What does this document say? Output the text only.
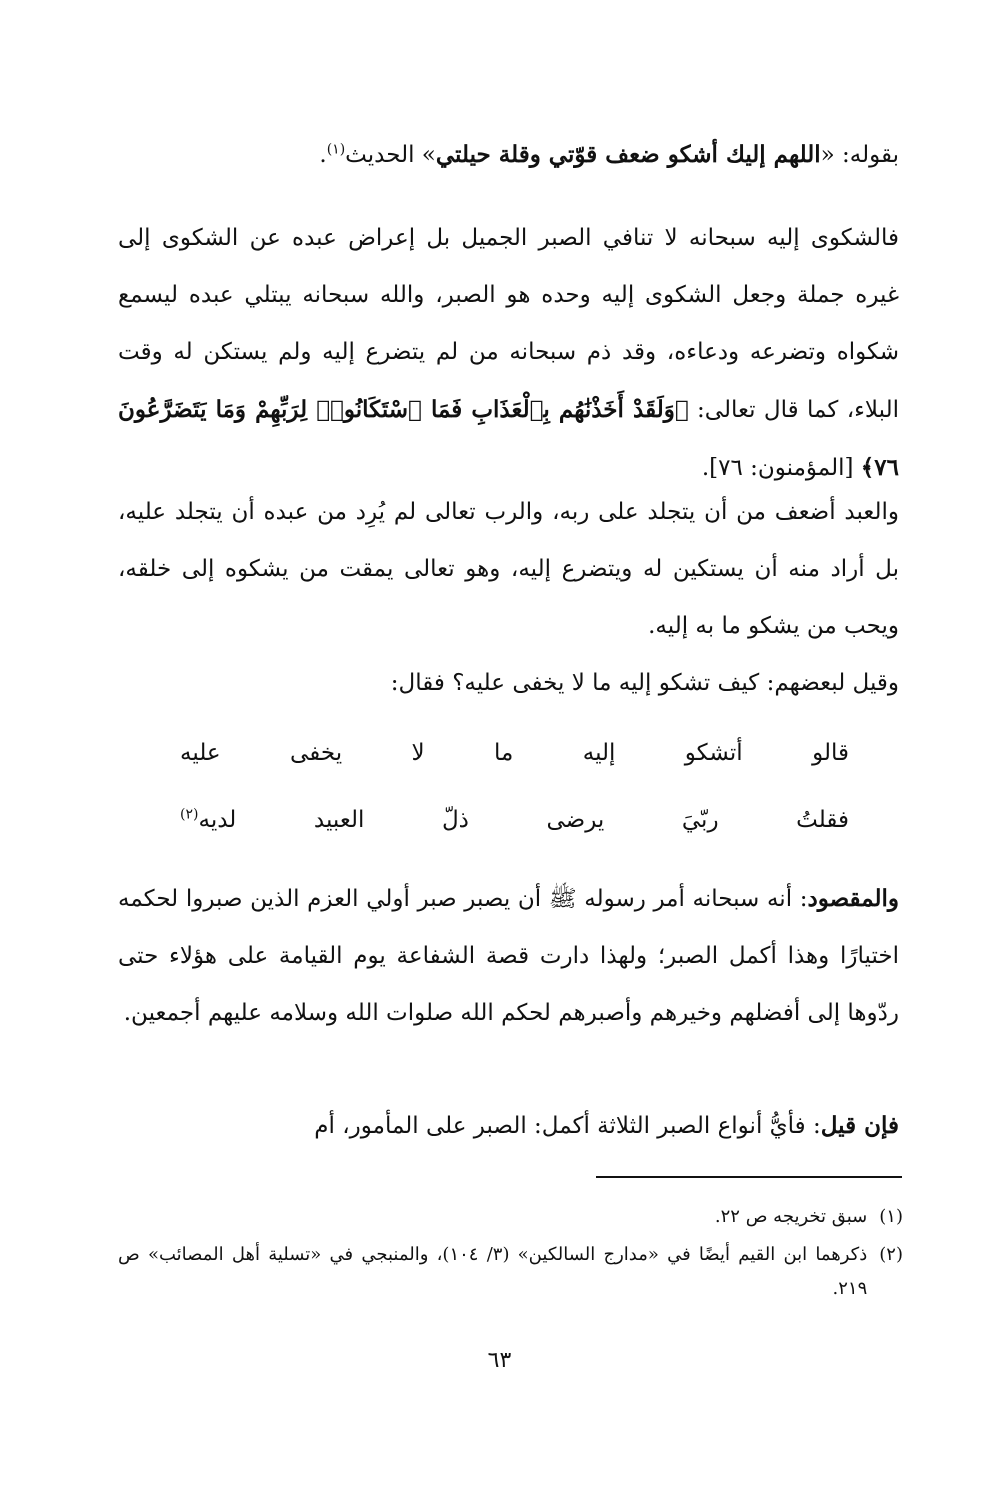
بقوله: «اللهم إليك أشكو ضعف قوّتي وقلة حيلتي» الحديث$^{(١)}$.

فالشكوى إليه سبحانه لا تنافي الصبر الجميل بل إعراض عبده عن الشكوى إلى غيره جملة وجعل الشكوى إليه وحده هو الصبر، والله سبحانه يبتلي عبده ليسمع شكواه وتضرعه ودعاءه، وقد ذم سبحانه من لم يتضرع إليه ولم يستكن له وقت البلاء، كما قال تعالى: ﴿وَلَقَدْ أَخَذْنَٰهُم بِٱلْعَذَابِ فَمَا ٱسْتَكَانُوا۟ لِرَبِّهِمْ وَمَا يَتَضَرَّعُونَ ٧٦﴾ [المؤمنون: ٧٦].

والعبد أضعف من أن يتجلد على ربه، والرب تعالى لم يُرِد من عبده أن يتجلد عليه، بل أراد منه أن يستكين له ويتضرع إليه، وهو تعالى يمقت من يشكوه إلى خلقه، ويحب من يشكو ما به إليه.

وقيل لبعضهم: كيف تشكو إليه ما لا يخفى عليه؟ فقال:

قالو
أتشكو
إليه
ما
لا
يخفى
عليه
فقلتُ
ربّيَ
يرضى
ذلّ
العبيد
لديه$^{(٢)}$

والمقصود: أنه سبحانه أمر رسوله ﷺ أن يصبر صبر أولي العزم الذين صبروا لحكمه اختيارًا وهذا أكمل الصبر؛ ولهذا دارت قصة الشفاعة يوم القيامة على هؤلاء حتى ردّوها إلى أفضلهم وخيرهم وأصبرهم لحكم الله صلوات الله وسلامه عليهم أجمعين.

فإن قيل: فأيُّ أنواع الصبر الثلاثة أكمل: الصبر على المأمور، أم

(١)
سبق تخريجه ص ٢٢.
(٢)
ذكرهما ابن القيم أيضًا في «مدارج السالكين» (٣/ ١٠٤)، والمنبجي في «تسلية أهل المصائب» ص ٢١٩.
٦٣
